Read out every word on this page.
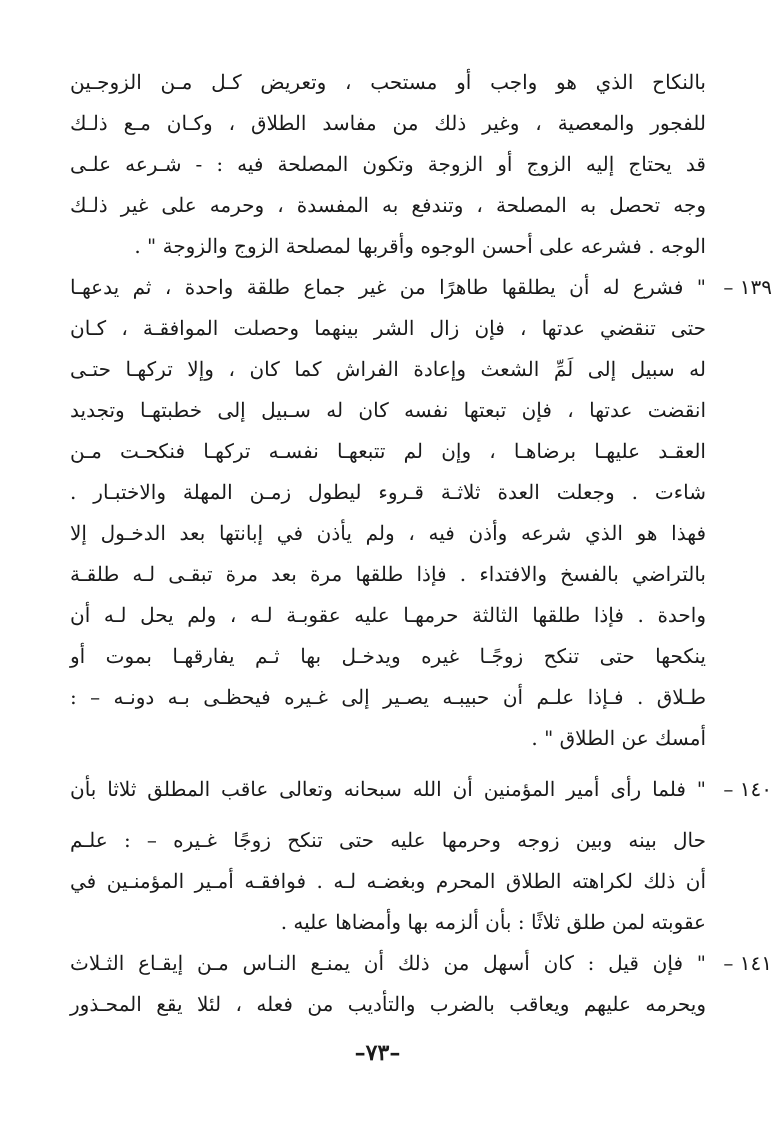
بالنكاح الذي هو واجب أو مستحب ، وتعريض كـل مـن الزوجـين
للفجور والمعصية ، وغير ذلك من مفاسد الطلاق ، وكـان مـع ذلـك
قد يحتاج إليه الزوج أو الزوجة وتكون المصلحة فيه : - شـرعه علـى
وجه تحصل به المصلحة ، وتندفع به المفسدة ، وحرمه على غير ذلـك
الوجه . فشرعه على أحسن الوجوه وأقربها لمصلحة الزوج والزوجة " .
١٣٩ –
" فشرع له أن يطلقها طاهرًا من غير جماع طلقة واحدة ، ثم يدعهـا
حتى تنقضي عدتها ، فإن زال الشر بينهما وحصلت الموافقـة ، كـان
له سبيل إلى لَمِّ الشعث وإعادة الفراش كما كان ، وإلا تركهـا حتـى
انقضت عدتها ، فإن تبعتها نفسه كان له سـبيل إلى خطبتهـا وتجديد
العقـد عليهـا برضاهـا ، وإن لم تتبعهـا نفسـه تركهـا فنكحـت مـن
شاءت . وجعلت العدة ثلاثـة قـروء ليطول زمـن المهلة والاختبـار .
فهذا هو الذي شرعه وأذن فيه ، ولم يأذن في إبانتها بعد الدخـول إلا
بالتراضي بالفسخ والافتداء . فإذا طلقها مرة بعد مرة تبقـى لـه طلقـة
واحدة . فإذا طلقها الثالثة حرمهـا عليه عقوبـة لـه ، ولم يحل لـه أن
ينكحها حتى تنكح زوجًـا غيره ويدخـل بها ثـم يفارقهـا بموت أو
طـلاق . فـإذا علـم أن حبيبـه يصـير إلى غـيره فيحظـى بـه دونـه – :
أمسك عن الطلاق " .
١٤٠ –
" فلما رأى أمير المؤمنين أن الله سبحانه وتعالى عاقب المطلق ثلاثا بأن
حال بينه وبين زوجه وحرمها عليه حتى تنكح زوجًا غـيره – : علـم
أن ذلك لكراهته الطلاق المحرم وبغضـه لـه . فوافقـه أمـير المؤمنـين في
عقوبته لمن طلق ثلاثًا : بأن ألزمه بها وأمضاها عليه .
١٤١ –
" فإن قيل : كان أسهل من ذلك أن يمنـع النـاس مـن إيقـاع الثـلاث
ويحرمه عليهم ويعاقب بالضرب والتأديب من فعله ، لئلا يقع المحـذور
–٧٣–
